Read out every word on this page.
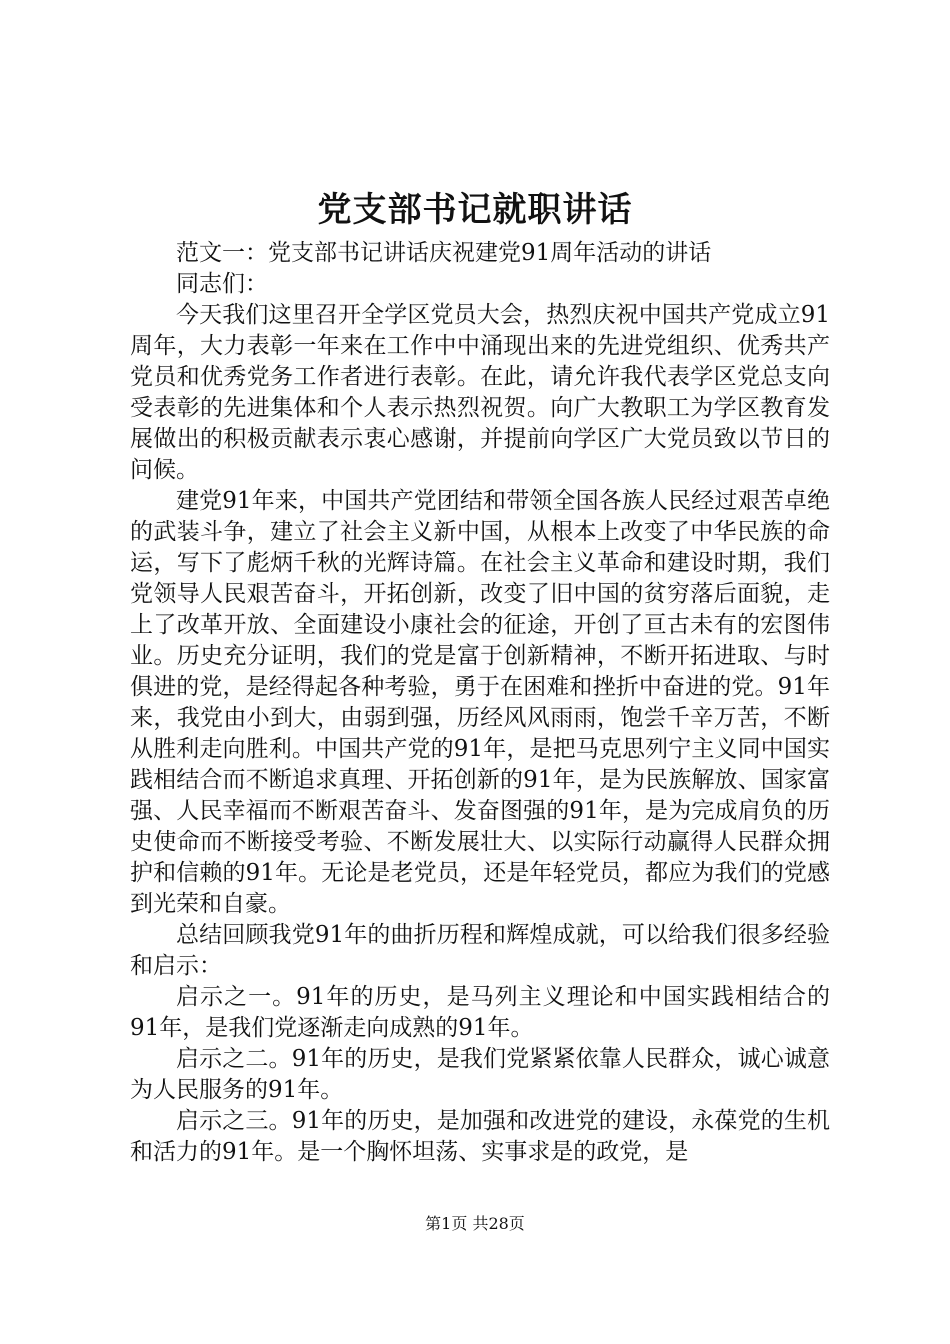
党支部书记就职讲话

范文一：党支部书记讲话庆祝建党91周年活动的讲话

同志们：

今天我们这里召开全学区党员大会，热烈庆祝中国共产党成立91周年，大力表彰一年来在工作中中涌现出来的先进党组织、优秀共产党员和优秀党务工作者进行表彰。在此，请允许我代表学区党总支向受表彰的先进集体和个人表示热烈祝贺。向广大教职工为学区教育发展做出的积极贡献表示衷心感谢，并提前向学区广大党员致以节日的问候。

建党91年来，中国共产党团结和带领全国各族人民经过艰苦卓绝的武装斗争，建立了社会主义新中国，从根本上改变了中华民族的命运，写下了彪炳千秋的光辉诗篇。在社会主义革命和建设时期，我们党领导人民艰苦奋斗，开拓创新，改变了旧中国的贫穷落后面貌，走上了改革开放、全面建设小康社会的征途，开创了亘古未有的宏图伟业。历史充分证明，我们的党是富于创新精神，不断开拓进取、与时俱进的党，是经得起各种考验，勇于在困难和挫折中奋进的党。91年来，我党由小到大，由弱到强，历经风风雨雨，饱尝千辛万苦，不断从胜利走向胜利。中国共产党的91年，是把马克思列宁主义同中国实践相结合而不断追求真理、开拓创新的91年，是为民族解放、国家富强、人民幸福而不断艰苦奋斗、发奋图强的91年，是为完成肩负的历史使命而不断接受考验、不断发展壮大、以实际行动赢得人民群众拥护和信赖的91年。无论是老党员，还是年轻党员，都应为我们的党感到光荣和自豪。

总结回顾我党91年的曲折历程和辉煌成就，可以给我们很多经验和启示：

启示之一。91年的历史，是马列主义理论和中国实践相结合的91年，是我们党逐渐走向成熟的91年。

启示之二。91年的历史，是我们党紧紧依靠人民群众，诚心诚意为人民服务的91年。

启示之三。91年的历史，是加强和改进党的建设，永葆党的生机和活力的91年。是一个胸怀坦荡、实事求是的政党，是

第1页 共28页
